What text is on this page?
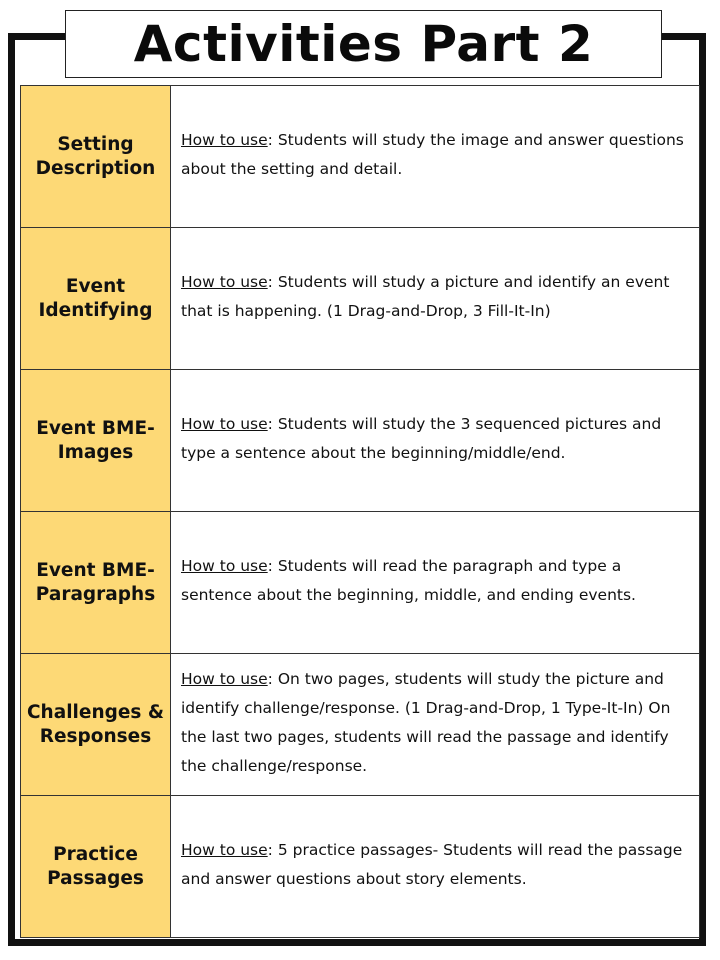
Activities Part 2
Setting
Description
How to use: Students will study the image and answer questions about the setting and detail.
Event
Identifying
How to use: Students will study a picture and identify an event that is happening. (1 Drag-and-Drop, 3 Fill-It-In)
Event BME-
Images
How to use: Students will study the 3 sequenced pictures and type a sentence about the beginning/middle/end.
Event BME-
Paragraphs
How to use: Students will read the paragraph and type a sentence about the beginning, middle, and ending events.
Challenges &
Responses
How to use: On two pages, students will study the picture and identify challenge/response. (1 Drag-and-Drop, 1 Type-It-In) On the last two pages, students will read the passage and identify the challenge/response.
Practice
Passages
How to use: 5 practice passages- Students will read the passage and answer questions about story elements.
